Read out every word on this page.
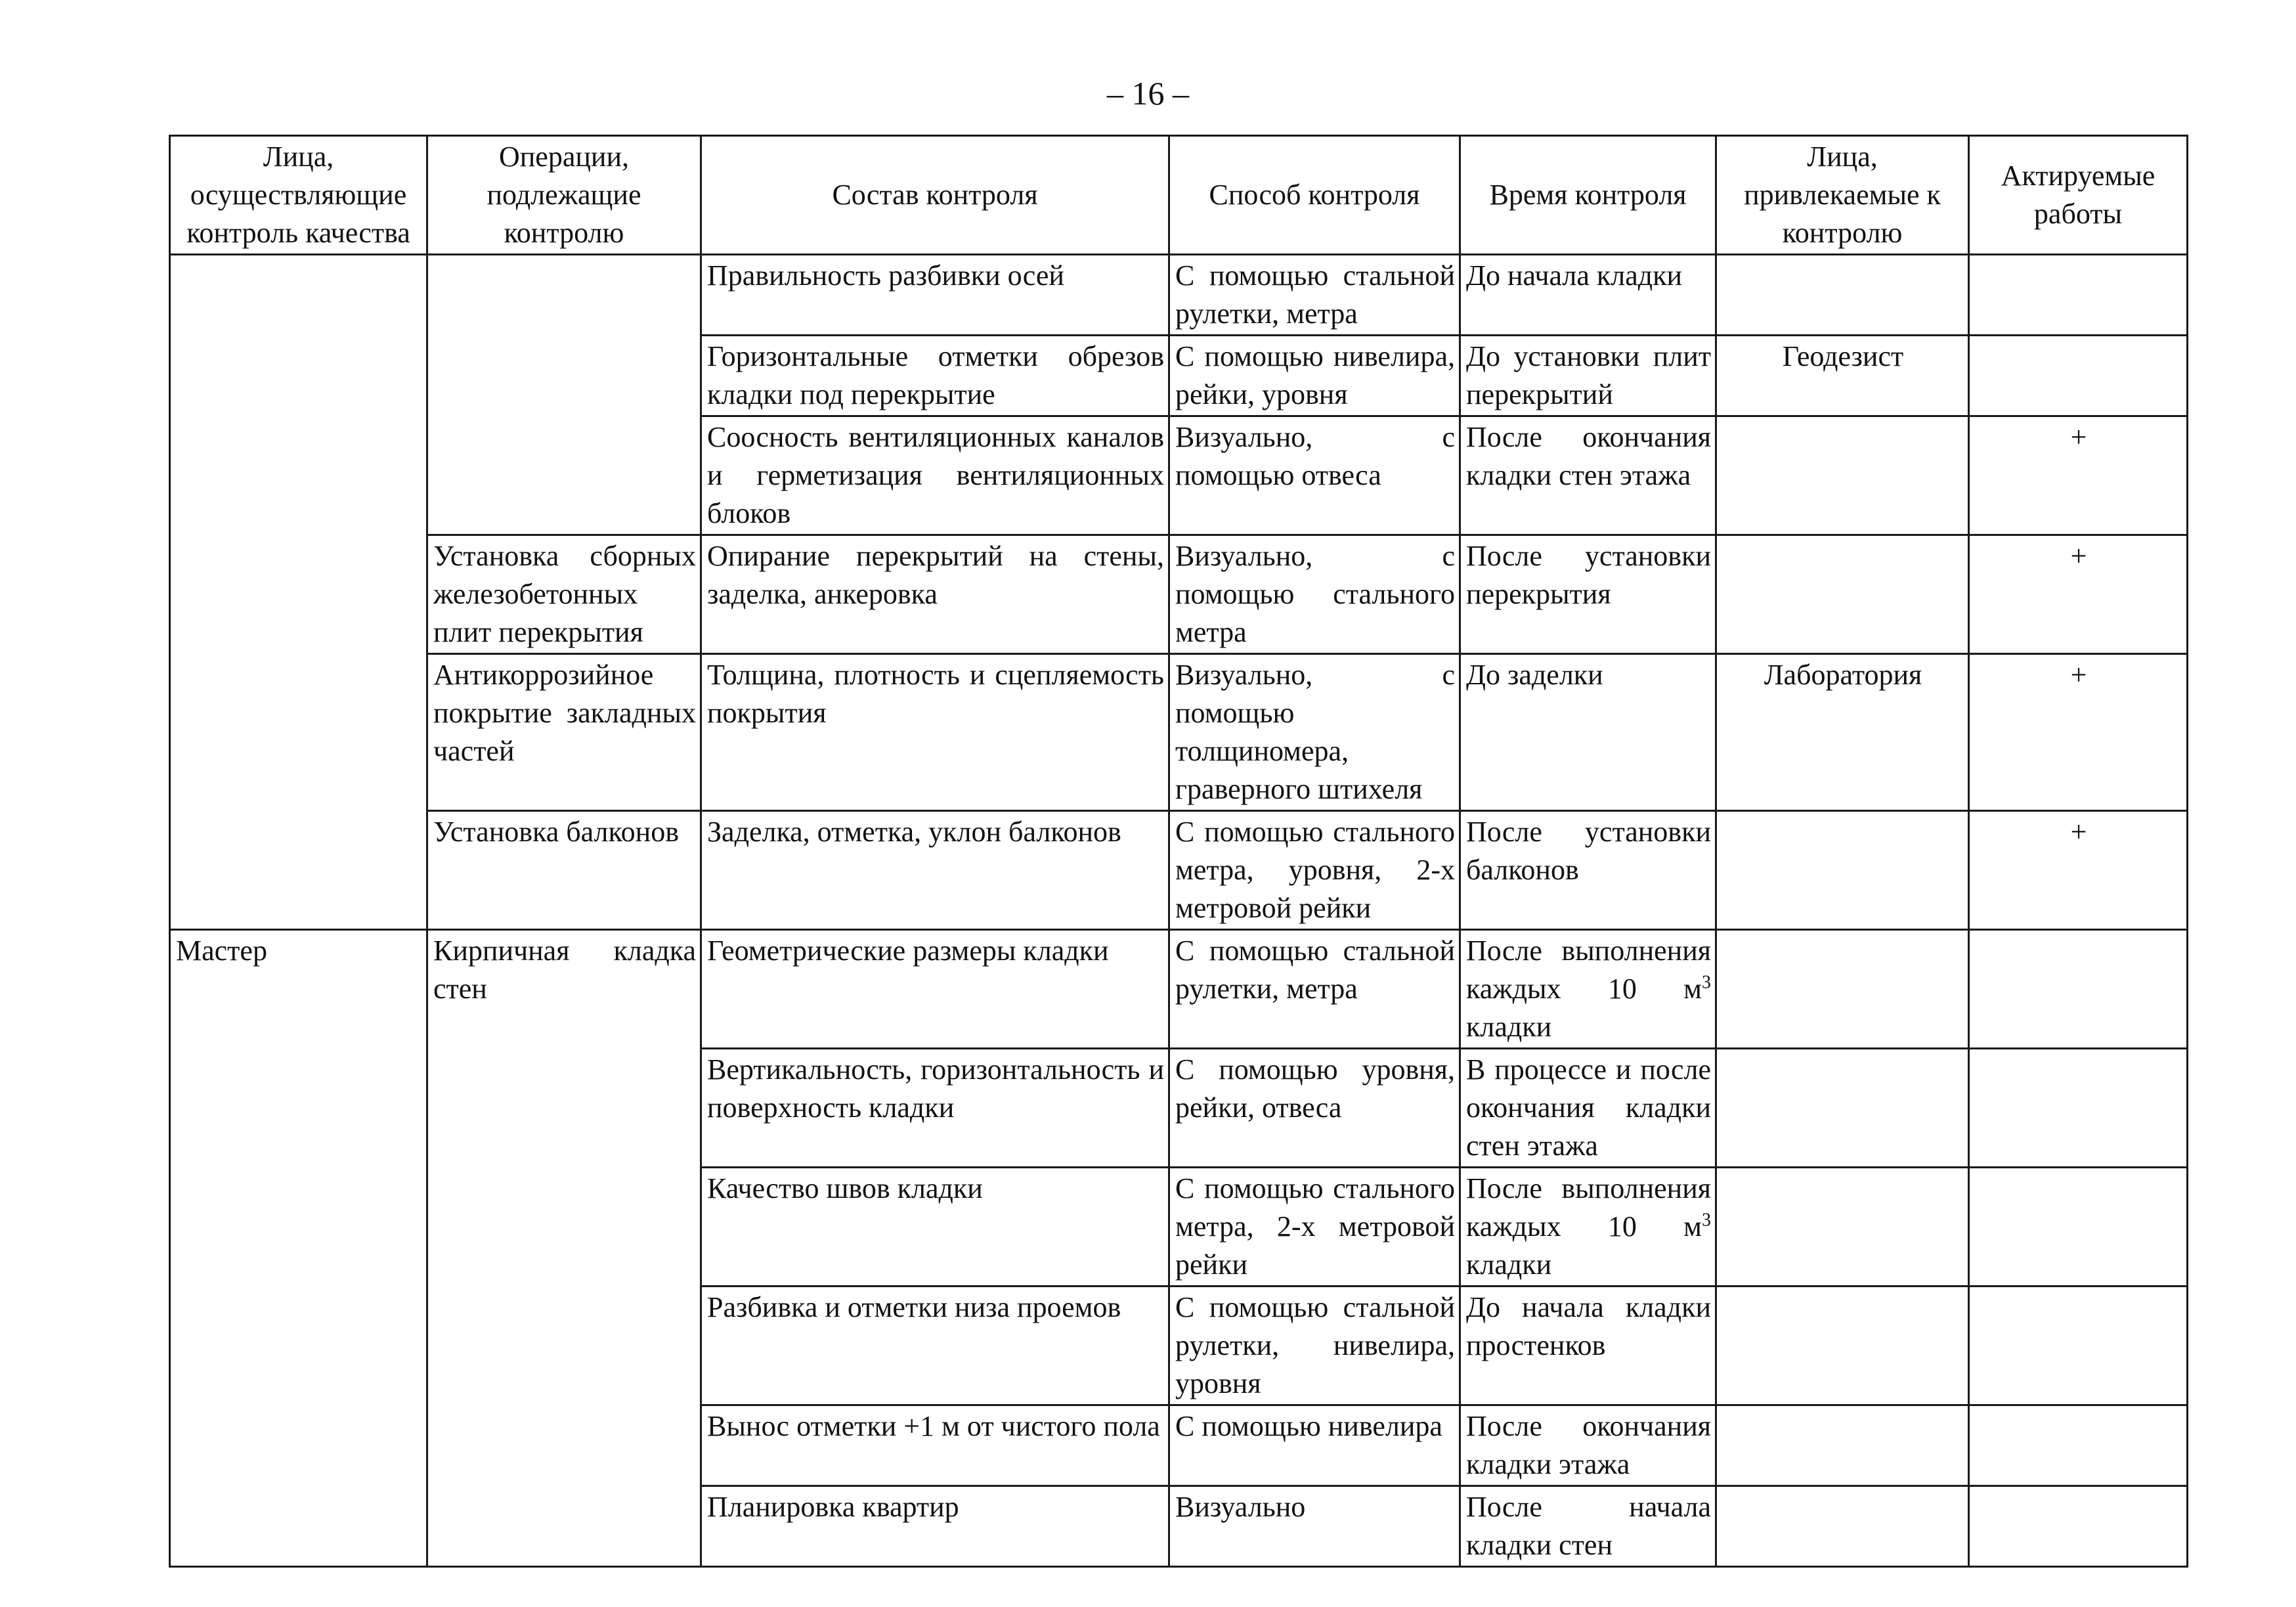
– 16 –
Лица, осуществляющие контроль качества	Операции, подлежащие контролю	Состав контроля	Способ контроля	Время контроля	Лица, привлекаемые к контролю	Актируемые работы
		Правильность разбивки осей	С помощью стальной рулетки, метра	До начала кладки		
		Горизонтальные отметки обрезов кладки под перекрытие	С помощью нивелира, рейки, уровня	До установки плит перекрытий	Геодезист	
		Соосность вентиляционных каналов и герметизация вентиляционных блоков	Визуально, с помощью отвеса	После окончания кладки стен этажа		+
	Установка сборных железобетонных плит перекрытия	Опирание перекрытий на стены, заделка, анкеровка	Визуально, с помощью стального метра	После установки перекрытия		+
	Антикоррозийное покрытие закладных частей	Толщина, плотность и сцепляемость покрытия	Визуально, с помощью толщиномера, граверного штихеля	До заделки	Лаборатория	+
	Установка балконов	Заделка, отметка, уклон балконов	С помощью стального метра, уровня, 2-х метровой рейки	После установки балконов		+
Мастер	Кирпичная кладка стен	Геометрические размеры кладки	С помощью стальной рулетки, метра	После выполнения каждых 10 $м^3$ кладки		
		Вертикальность, горизонтальность и поверхность кладки	С помощью уровня, рейки, отвеса	В процессе и после окончания кладки стен этажа		
		Качество швов кладки	С помощью стального метра, 2-х метровой рейки	После выполнения каждых 10 $м^3$ кладки		
		Разбивка и отметки низа проемов	С помощью стальной рулетки, нивелира, уровня	До начала кладки простенков		
		Вынос отметки +1 м от чистого пола	С помощью нивелира	После окончания кладки этажа		
		Планировка квартир	Визуально	После начала кладки стен		
